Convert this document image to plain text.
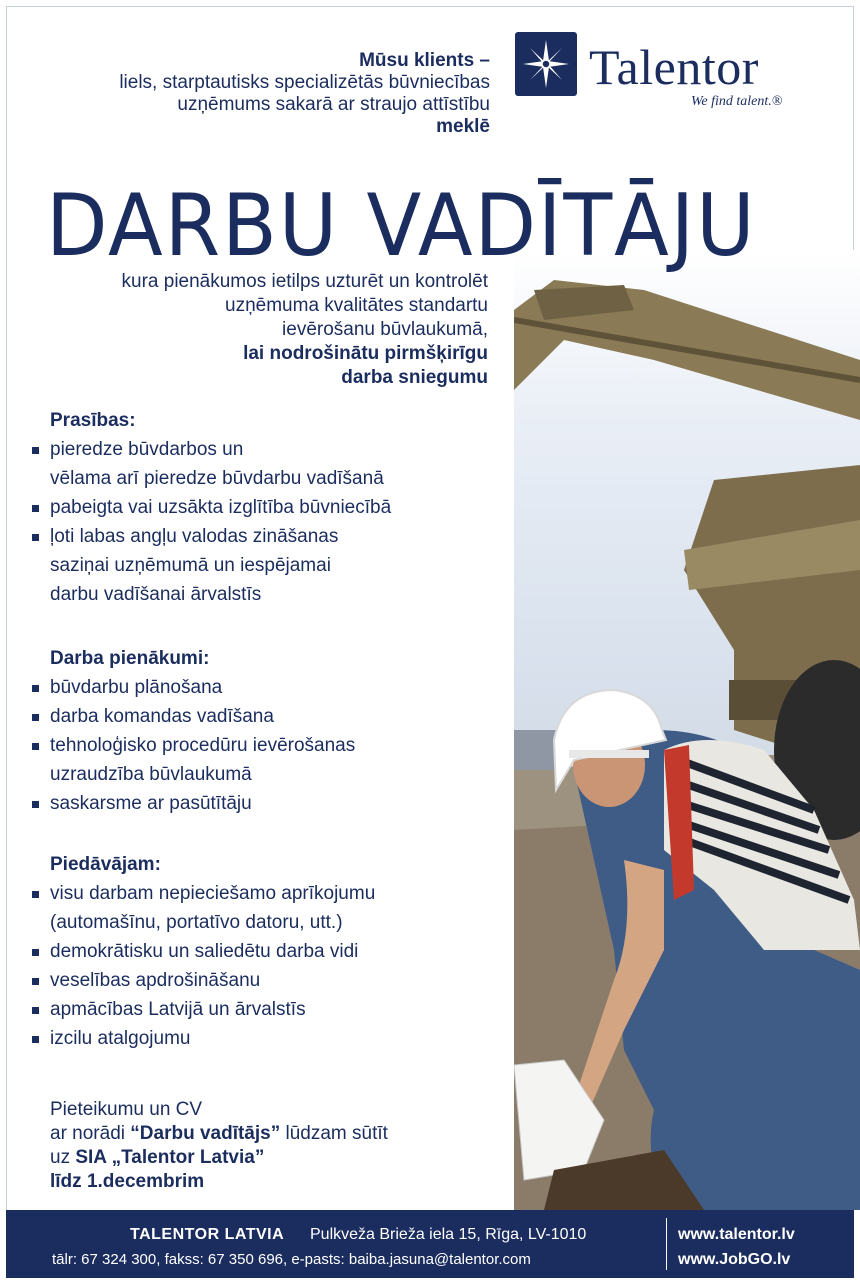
Talentor
We find talent.®
Mūsu klients –
liels, starptautisks specializētās būvniecības
uzņēmums sakarā ar straujo attīstību
meklē
DARBU VADĪTĀJU
kura pienākumos ietilps uzturēt un kontrolēt
uzņēmuma kvalitātes standartu
ievērošanu būvlaukumā,
lai nodrošinātu pirmšķirīgu
darba sniegumu
Prasības:
pieredze būvdarbos un
vēlama arī pieredze būvdarbu vadīšanā
pabeigta vai uzsākta izglītība būvniecībā
ļoti labas angļu valodas zināšanas
saziņai uzņēmumā un iespējamai
darbu vadīšanai ārvalstīs
Darba pienākumi:
būvdarbu plānošana
darba komandas vadīšana
tehnoloģisko procedūru ievērošanas
uzraudzība būvlaukumā
saskarsme ar pasūtītāju
Piedāvājam:
visu darbam nepieciešamo aprīkojumu
(automašīnu, portatīvo datoru, utt.)
demokrātisku un saliedētu darba vidi
veselības apdrošināšanu
apmācības Latvijā un ārvalstīs
izcilu atalgojumu
Pieteikumu un CV
ar norādi “Darbu vadītājs” lūdzam sūtīt
uz SIA „Talentor Latvia”
līdz 1.decembrim
TALENTOR LATVIA Pulkveža Brieža iela 15, Rīga, LV-1010
tālr: 67 324 300, fakss: 67 350 696, e-pasts: baiba.jasuna@talentor.com
www.talentor.lv
www.JobGO.lv
